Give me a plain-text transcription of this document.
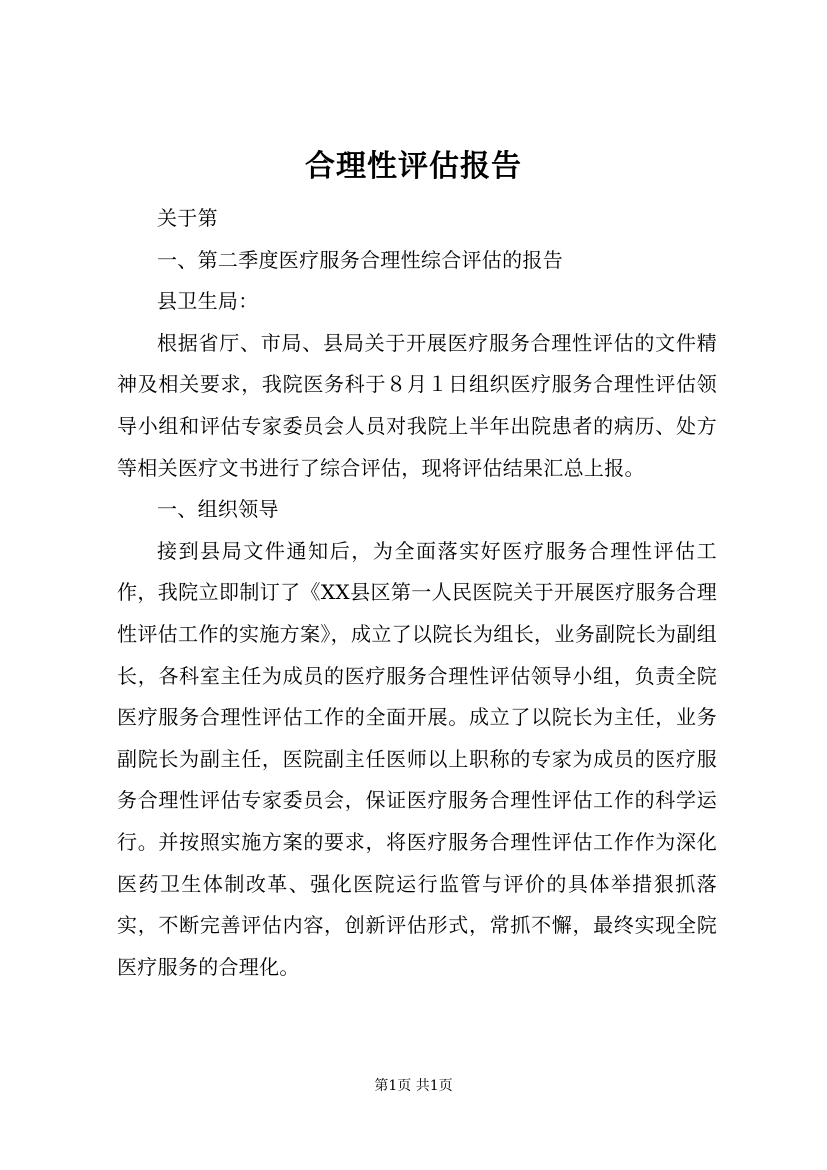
合理性评估报告

关于第

一、第二季度医疗服务合理性综合评估的报告

县卫生局：

根据省厅、市局、县局关于开展医疗服务合理性评估的文件精神及相关要求，我院医务科于８月１日组织医疗服务合理性评估领导小组和评估专家委员会人员对我院上半年出院患者的病历、处方等相关医疗文书进行了综合评估，现将评估结果汇总上报。

一、组织领导

接到县局文件通知后，为全面落实好医疗服务合理性评估工作，我院立即制订了《XX县区第一人民医院关于开展医疗服务合理性评估工作的实施方案》，成立了以院长为组长，业务副院长为副组长，各科室主任为成员的医疗服务合理性评估领导小组，负责全院医疗服务合理性评估工作的全面开展。成立了以院长为主任，业务副院长为副主任，医院副主任医师以上职称的专家为成员的医疗服务合理性评估专家委员会，保证医疗服务合理性评估工作的科学运行。并按照实施方案的要求，将医疗服务合理性评估工作作为深化医药卫生体制改革、强化医院运行监管与评价的具体举措狠抓落实，不断完善评估内容，创新评估形式，常抓不懈，最终实现全院医疗服务的合理化。

第1页 共1页
